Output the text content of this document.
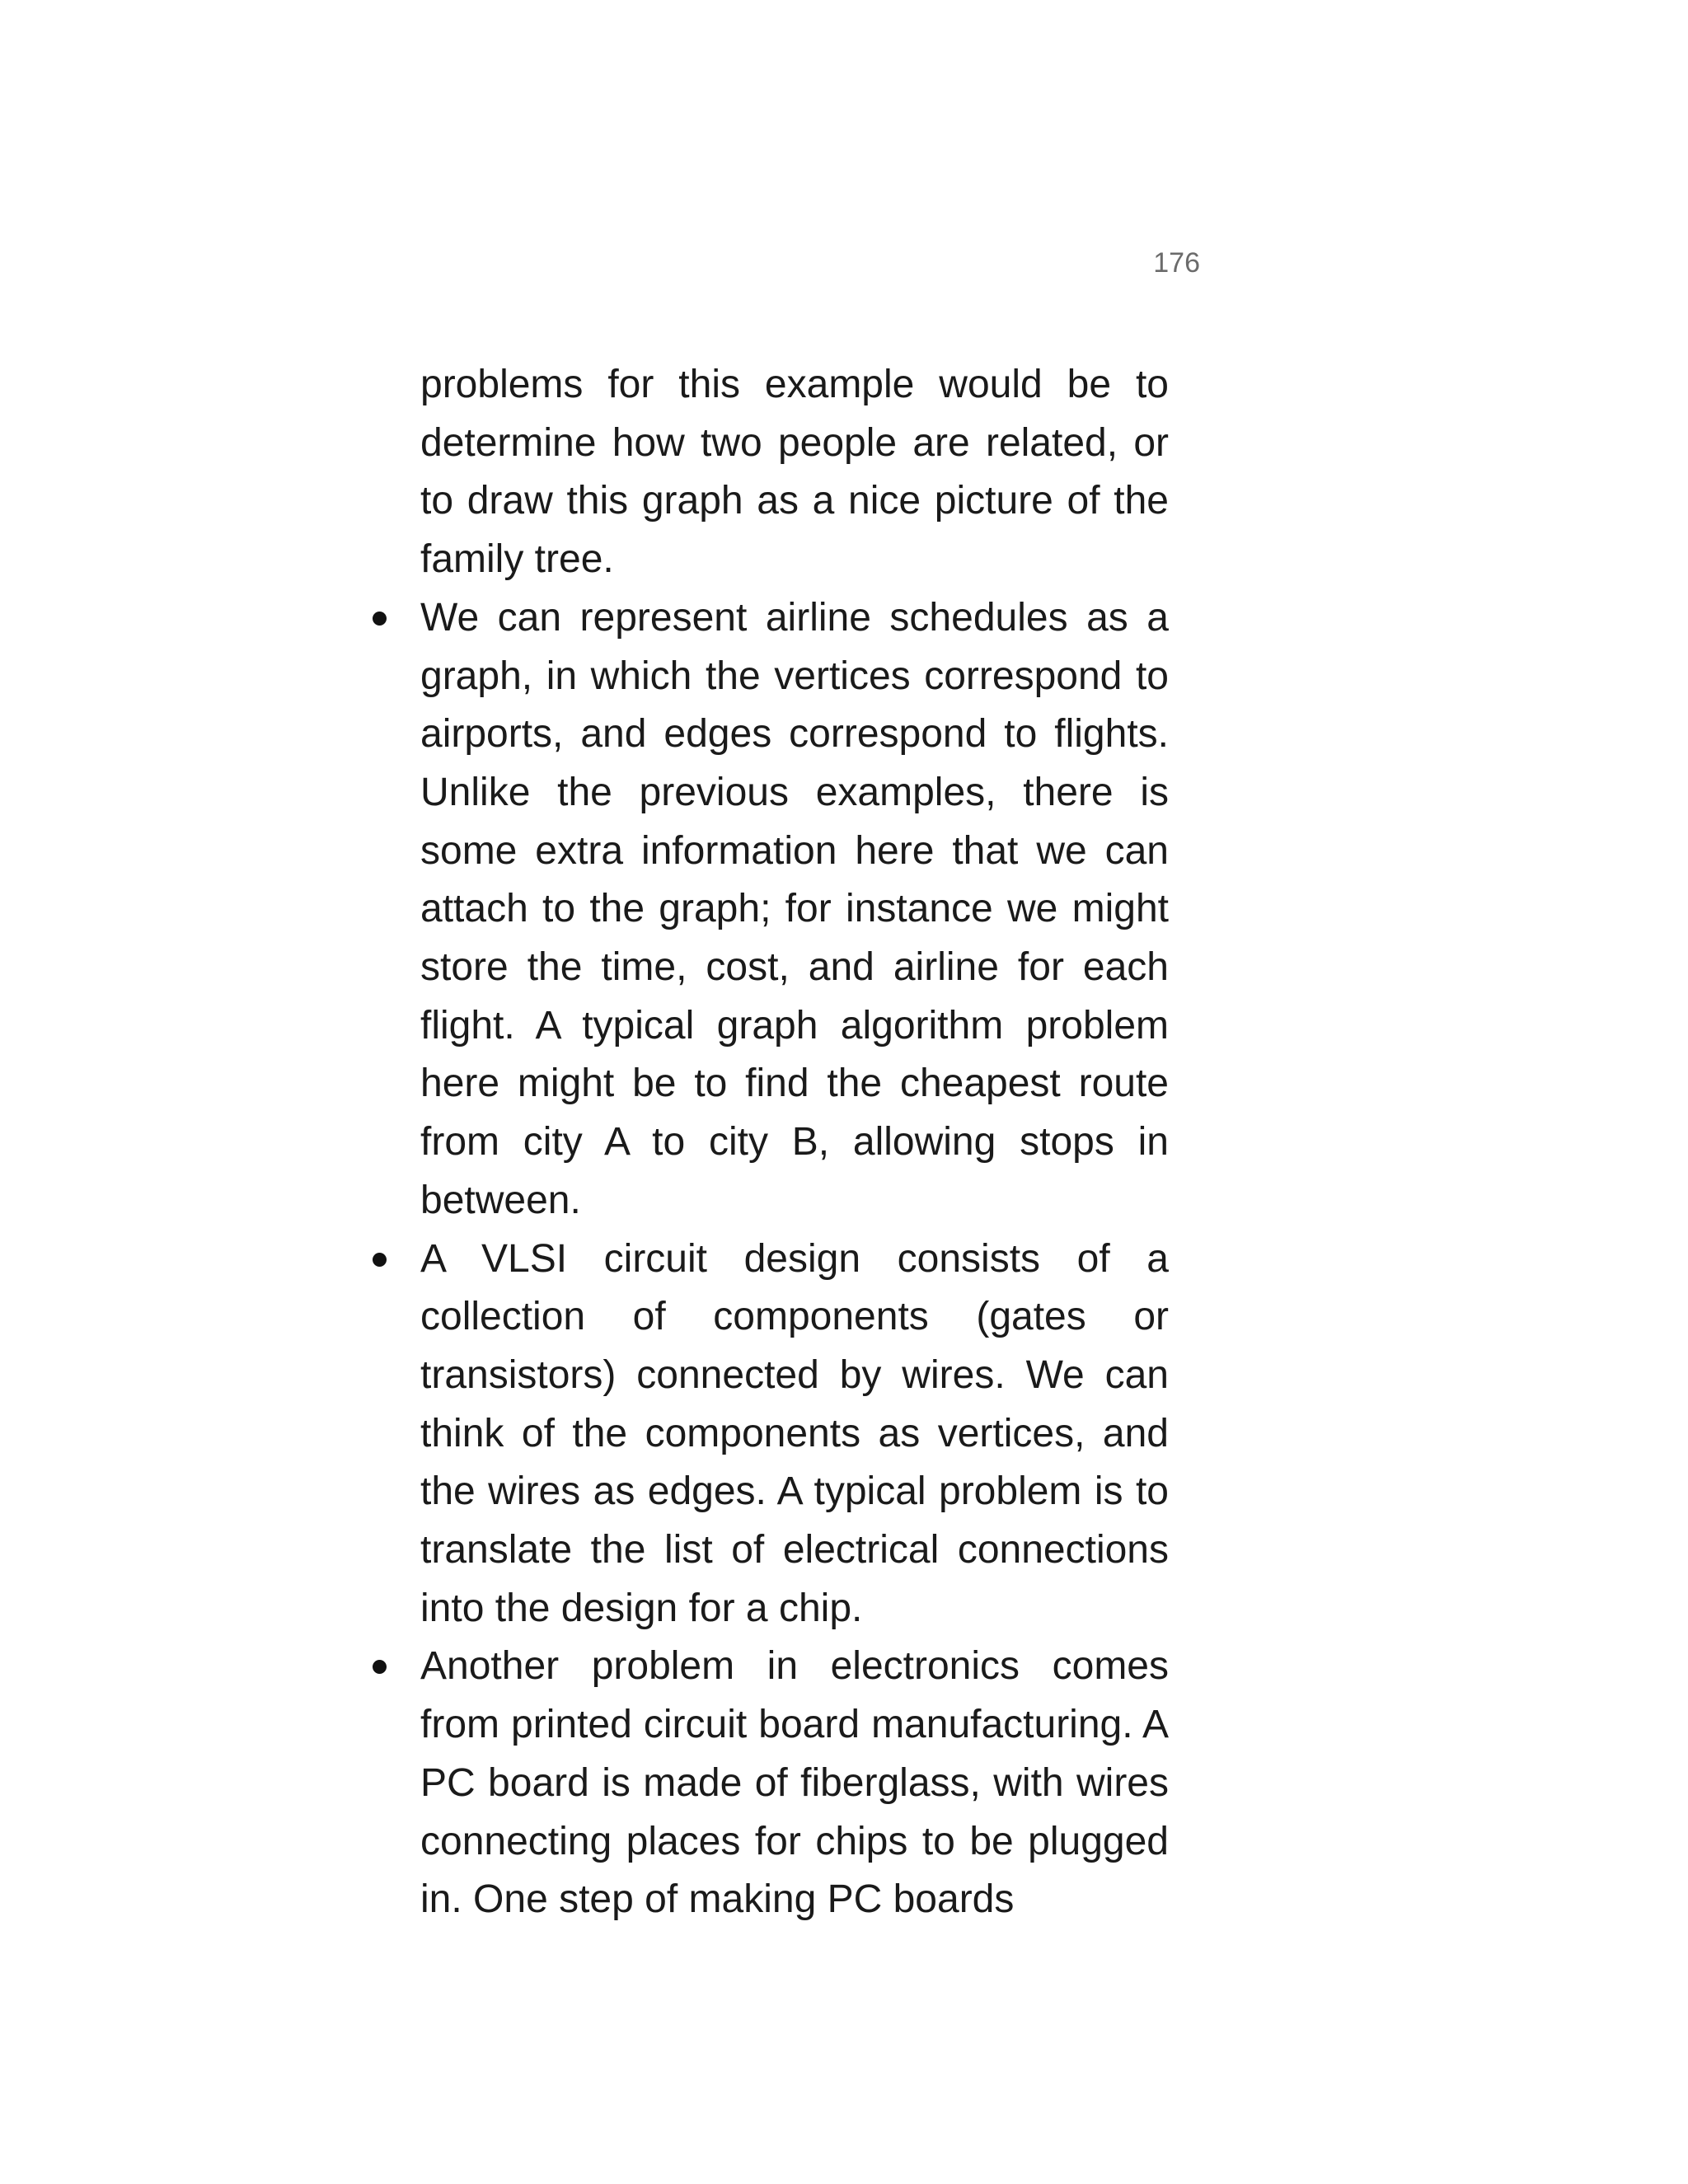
176

problems for this example would be to determine how two people are related, or to draw this graph as a nice picture of the family tree.

We can represent airline schedules as a graph, in which the vertices correspond to airports, and edges correspond to flights. Unlike the previous examples, there is some extra information here that we can attach to the graph; for instance we might store the time, cost, and airline for each flight. A typical graph algorithm problem here might be to find the cheapest route from city A to city B, allowing stops in between.
A VLSI circuit design consists of a collection of components (gates or transistors) connected by wires. We can think of the components as vertices, and the wires as edges. A typical problem is to translate the list of electrical connections into the design for a chip.
Another problem in electronics comes from printed circuit board manufacturing. A PC board is made of fiberglass, with wires connecting places for chips to be plugged in. One step of making PC boards
